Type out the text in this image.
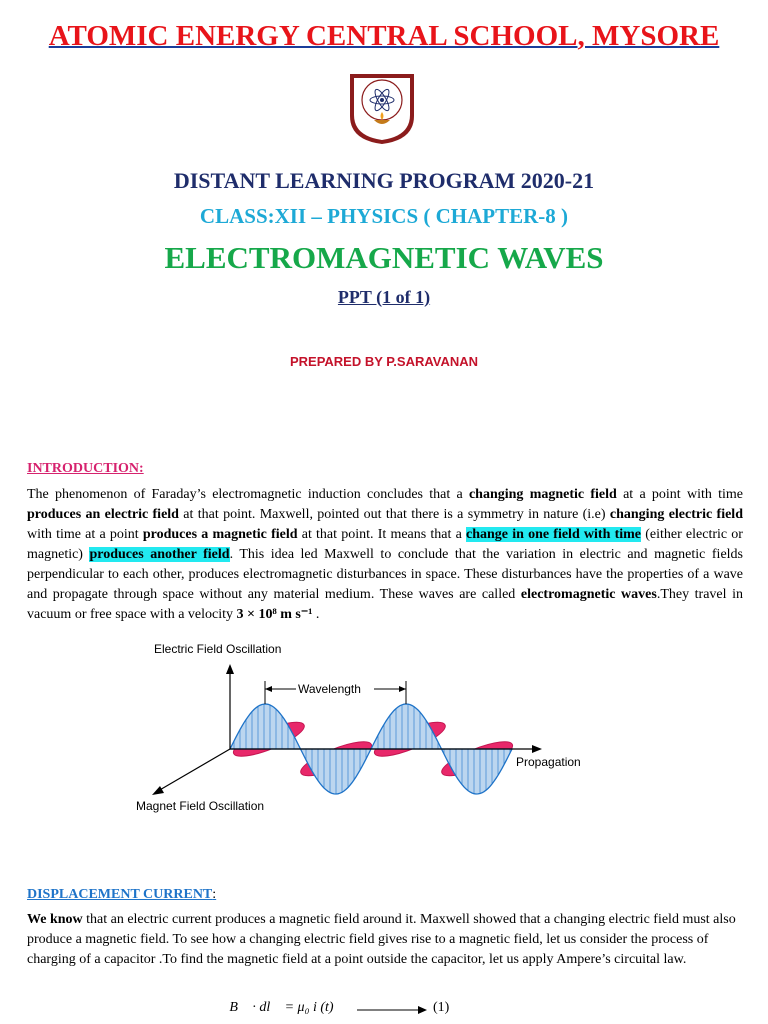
ATOMIC ENERGY CENTRAL SCHOOL, MYSORE
DISTANT LEARNING PROGRAM 2020-21
CLASS:XII – PHYSICS ( CHAPTER-8 )
ELECTROMAGNETIC WAVES
PPT (1 of 1)
PREPARED BY P.SARAVANAN
INTRODUCTION:
The phenomenon of Faraday’s electromagnetic induction concludes that a changing magnetic field at a point with time produces an electric field at that point. Maxwell, pointed out that there is a symmetry in nature (i.e) changing electric field with time at a point produces a magnetic field at that point. It means that a change in one field with time (either electric or magnetic) produces another field. This idea led Maxwell to conclude that the variation in electric and magnetic fields perpendicular to each other, produces electromagnetic disturbances in space. These disturbances have the properties of a wave and propagate through space without any material medium. These waves are called electromagnetic waves.They travel in vacuum or free space with a velocity 3 × 10⁸ m s⁻¹ .
Electric Field Oscillation
Wavelength
Propagation
Magnet Field Oscillation
DISPLACEMENT CURRENT:
We know that an electric current produces a magnetic field around it. Maxwell showed that a changing electric field must also produce a magnetic field. To see how a changing electric field gives rise to a magnetic field, let us consider the process of charging of a capacitor .To find the magnetic field at a point outside the capacitor, let us apply Ampere’s circuital law.
∮ B⃗ · dl⃗ = μ₀ i (t)	(1)
